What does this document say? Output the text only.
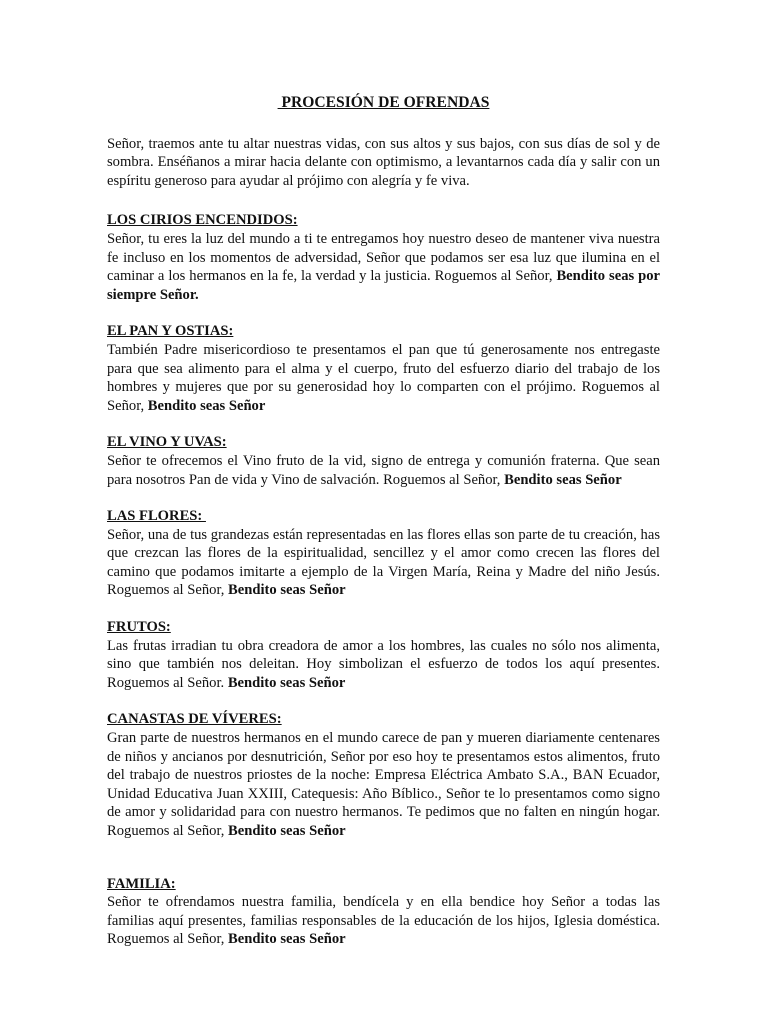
PROCESIÓN DE OFRENDAS

Señor, traemos ante tu altar nuestras vidas, con sus altos y sus bajos, con sus días de sol y de sombra. Enséñanos a mirar hacia delante con optimismo, a levantarnos cada día y salir con un espíritu generoso para ayudar al prójimo con alegría y fe viva.

LOS CIRIOS ENCENDIDOS:

Señor, tu eres la luz del mundo a ti te entregamos hoy nuestro deseo de mantener viva nuestra fe incluso en los momentos de adversidad, Señor que podamos ser esa luz que ilumina en el caminar a los hermanos en la fe, la verdad y la justicia. Roguemos al Señor, Bendito seas por siempre Señor.

EL PAN Y OSTIAS:

También Padre misericordioso te presentamos el pan que tú generosamente nos entregaste para que sea alimento para el alma y el cuerpo, fruto del esfuerzo diario del trabajo de los hombres y mujeres que por su generosidad hoy lo comparten con el prójimo. Roguemos al Señor, Bendito seas Señor

EL VINO Y UVAS:

Señor te ofrecemos el Vino fruto de la vid, signo de entrega y comunión fraterna. Que sean para nosotros Pan de vida y Vino de salvación. Roguemos al Señor, Bendito seas Señor

LAS FLORES:

Señor, una de tus grandezas están representadas en las flores ellas son parte de tu creación, has que crezcan las flores de la espiritualidad, sencillez y el amor como crecen las flores del camino que podamos imitarte a ejemplo de la Virgen María, Reina y Madre del niño Jesús. Roguemos al Señor, Bendito seas Señor

FRUTOS:

Las frutas irradian tu obra creadora de amor a los hombres, las cuales no sólo nos alimenta, sino que también nos deleitan. Hoy simbolizan el esfuerzo de todos los aquí presentes. Roguemos al Señor. Bendito seas Señor

CANASTAS DE VÍVERES:

Gran parte de nuestros hermanos en el mundo carece de pan y mueren diariamente centenares de niños y ancianos por desnutrición, Señor por eso hoy te presentamos estos alimentos, fruto del trabajo de nuestros priostes de la noche: Empresa Eléctrica Ambato S.A., BAN Ecuador, Unidad Educativa Juan XXIII, Catequesis: Año Bíblico., Señor te lo presentamos como signo de amor y solidaridad para con nuestro hermanos. Te pedimos que no falten en ningún hogar. Roguemos al Señor, Bendito seas Señor

FAMILIA:

Señor te ofrendamos nuestra familia, bendícela y en ella bendice hoy Señor a todas las familias aquí presentes, familias responsables de la educación de los hijos, Iglesia doméstica. Roguemos al Señor, Bendito seas Señor
